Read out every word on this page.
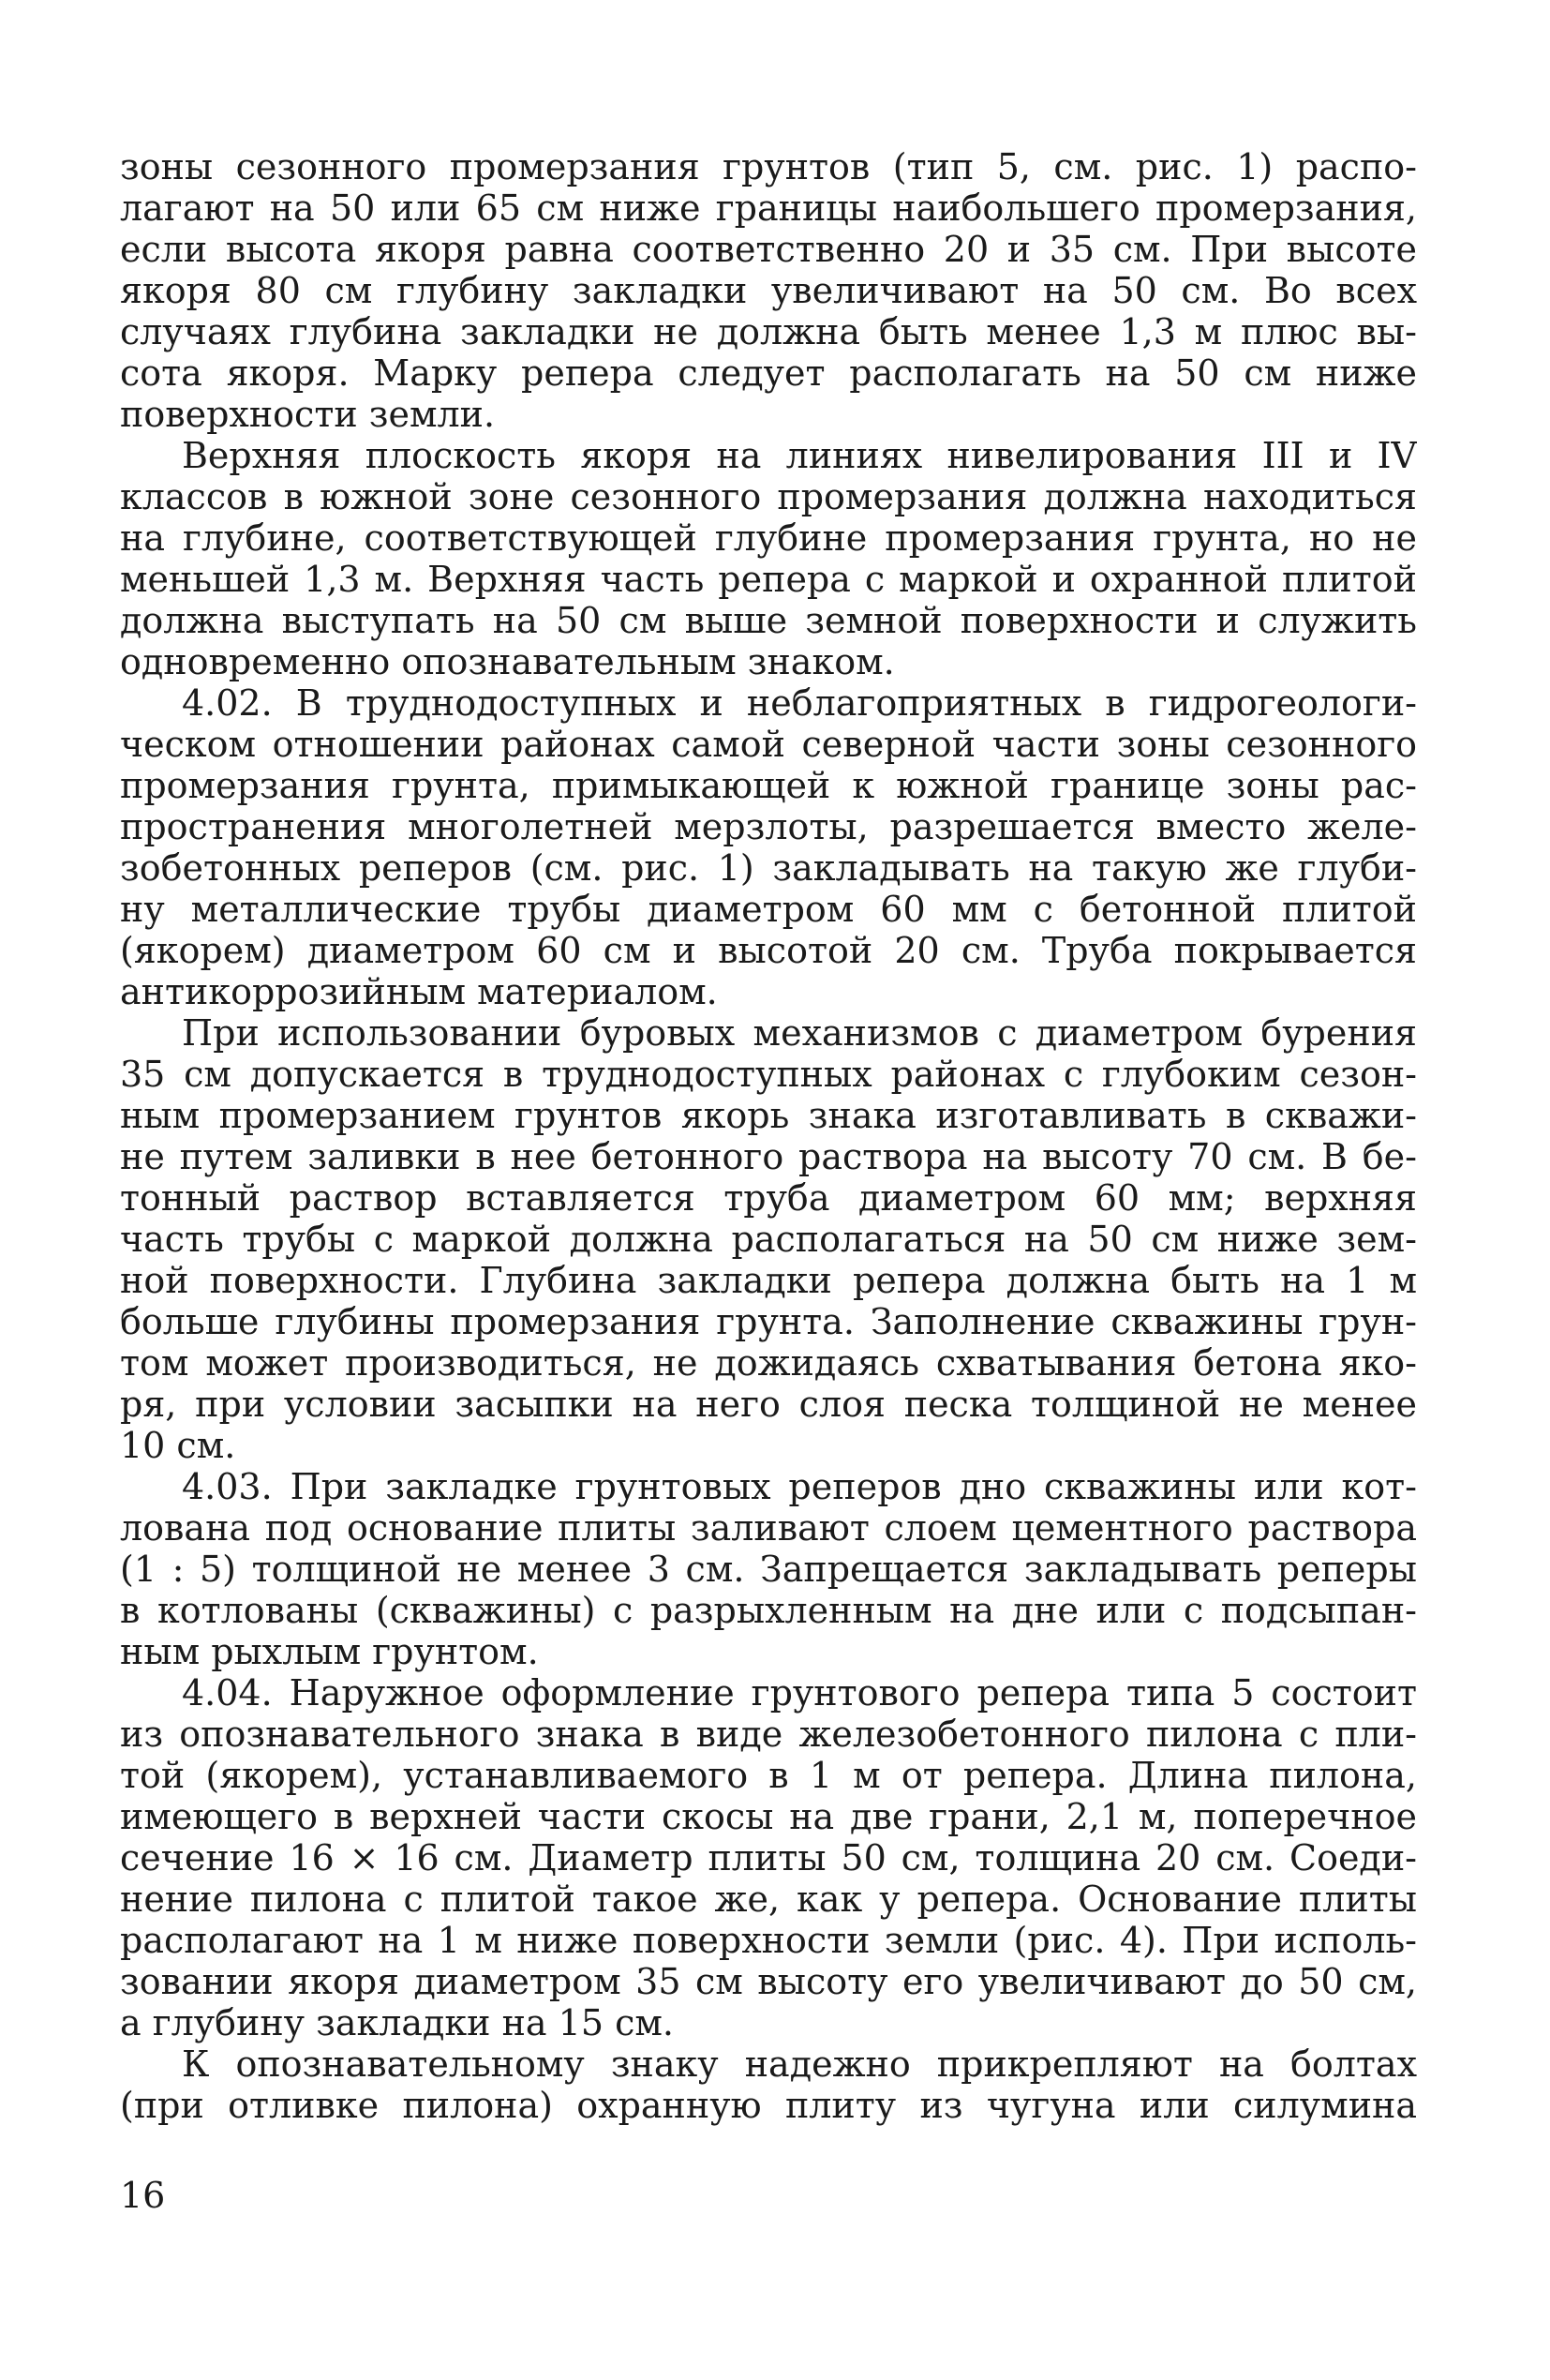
зоны сезонного промерзания грунтов (тип 5, см. рис. 1) распо-
лагают на 50 или 65 см ниже границы наибольшего промерзания,
если высота якоря равна соответственно 20 и 35 см. При высоте
якоря 80 см глубину закладки увеличивают на 50 см. Во всех
случаях глубина закладки не должна быть менее 1,3 м плюс вы-
сота якоря. Марку репера следует располагать на 50 см ниже
поверхности земли.
Верхняя плоскость якоря на линиях нивелирования III и IV
классов в южной зоне сезонного промерзания должна находиться
на глубине, соответствующей глубине промерзания грунта, но не
меньшей 1,3 м. Верхняя часть репера с маркой и охранной плитой
должна выступать на 50 см выше земной поверхности и служить
одновременно опознавательным знаком.
4.02. В труднодоступных и неблагоприятных в гидрогеологи-
ческом отношении районах самой северной части зоны сезонного
промерзания грунта, примыкающей к южной границе зоны рас-
пространения многолетней мерзлоты, разрешается вместо желе-
зобетонных реперов (см. рис. 1) закладывать на такую же глуби-
ну металлические трубы диаметром 60 мм с бетонной плитой
(якорем) диаметром 60 см и высотой 20 см. Труба покрывается
антикоррозийным материалом.
При использовании буровых механизмов с диаметром бурения
35 см допускается в труднодоступных районах с глубоким сезон-
ным промерзанием грунтов якорь знака изготавливать в скважи-
не путем заливки в нее бетонного раствора на высоту 70 см. В бе-
тонный раствор вставляется труба диаметром 60 мм; верхняя
часть трубы с маркой должна располагаться на 50 см ниже зем-
ной поверхности. Глубина закладки репера должна быть на 1 м
больше глубины промерзания грунта. Заполнение скважины грун-
том может производиться, не дожидаясь схватывания бетона яко-
ря, при условии засыпки на него слоя песка толщиной не менее
10 см.
4.03. При закладке грунтовых реперов дно скважины или кот-
лована под основание плиты заливают слоем цементного раствора
(1 : 5) толщиной не менее 3 см. Запрещается закладывать реперы
в котлованы (скважины) с разрыхленным на дне или с подсыпан-
ным рыхлым грунтом.
4.04. Наружное оформление грунтового репера типа 5 состоит
из опознавательного знака в виде железобетонного пилона с пли-
той (якорем), устанавливаемого в 1 м от репера. Длина пилона,
имеющего в верхней части скосы на две грани, 2,1 м, поперечное
сечение 16 × 16 см. Диаметр плиты 50 см, толщина 20 см. Соеди-
нение пилона с плитой такое же, как у репера. Основание плиты
располагают на 1 м ниже поверхности земли (рис. 4). При исполь-
зовании якоря диаметром 35 см высоту его увеличивают до 50 см,
а глубину закладки на 15 см.
К опознавательному знаку надежно прикрепляют на болтах
(при отливке пилона) охранную плиту из чугуна или силумина
16
